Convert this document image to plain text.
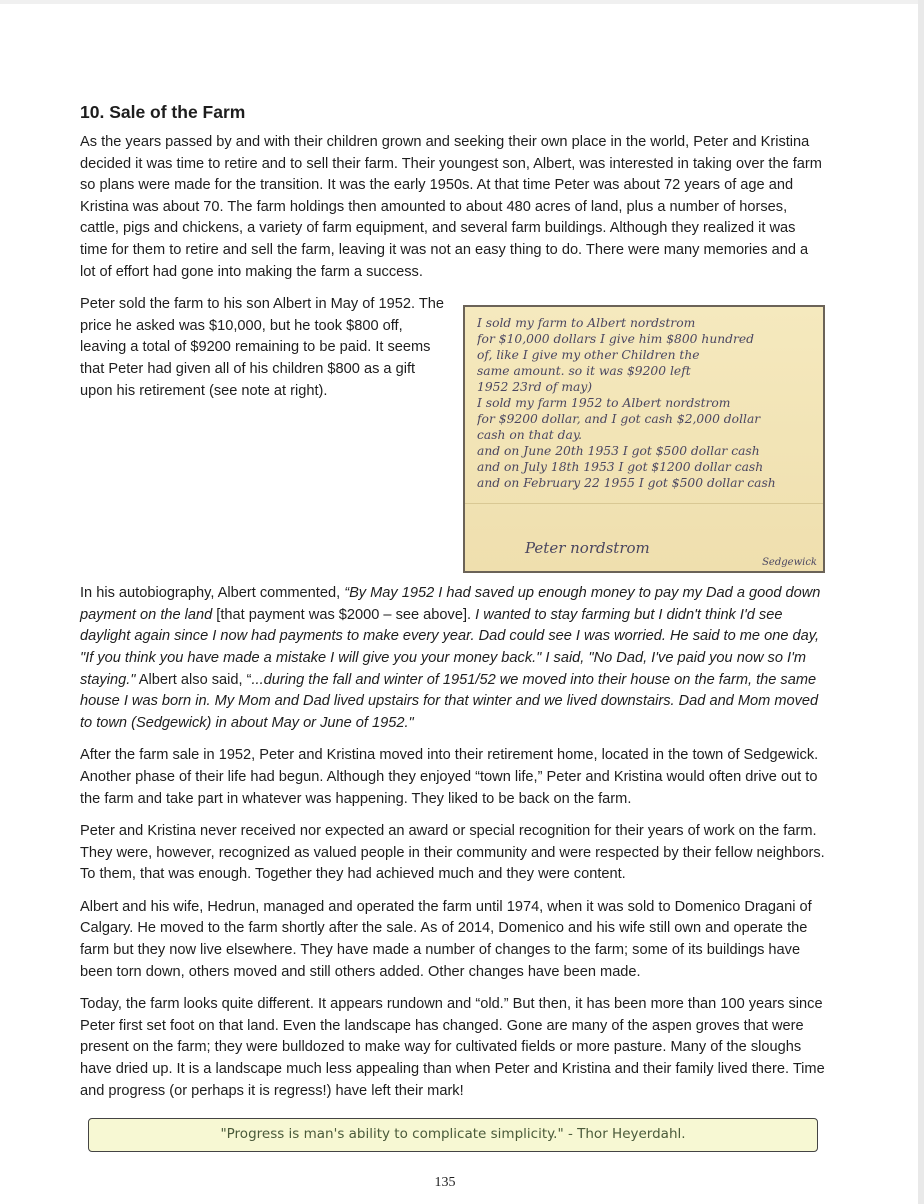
10. Sale of the Farm

As the years passed by and with their children grown and seeking their own place in the world, Peter and Kristina decided it was time to retire and to sell their farm. Their youngest son, Albert, was interested in taking over the farm so plans were made for the transition. It was the early 1950s. At that time Peter was about 72 years of age and Kristina was about 70. The farm holdings then amounted to about 480 acres of land, plus a number of horses, cattle, pigs and chickens, a variety of farm equipment, and several farm buildings. Although they realized it was time for them to retire and sell the farm, leaving it was not an easy thing to do. There were many memories and a lot of effort had gone into making the farm a success.

I sold my farm to Albert nordstrom
for $10,000 dollars I give him $800 hundred
of, like I give my other Children the
same amount. so it was $9200 left
1952 23rd of may)
I sold my farm 1952 to Albert nordstrom
for $9200 dollar, and I got cash $2,000 dollar
cash on that day.
and on June 20th 1953 I got $500 dollar cash
and on July 18th 1953 I got $1200 dollar cash
and on February 22 1955 I got $500 dollar cash
Peter nordstrom
Sedgewick

Peter sold the farm to his son Albert in May of 1952. The price he asked was $10,000, but he took $800 off, leaving a total of $9200 remaining to be paid. It seems that Peter had given all of his children $800 as a gift upon his retirement (see note at right).

In his autobiography, Albert commented, “By May 1952 I had saved up enough money to pay my Dad a good down payment on the land [that payment was $2000 – see above]. I wanted to stay farming but I didn't think I'd see daylight again since I now had payments to make every year. Dad could see I was worried. He said to me one day, "If you think you have made a mistake I will give you your money back." I said, "No Dad, I've paid you now so I'm staying." Albert also said, “...during the fall and winter of 1951/52 we moved into their house on the farm, the same house I was born in. My Mom and Dad lived upstairs for that winter and we lived downstairs. Dad and Mom moved to town (Sedgewick) in about May or June of 1952."

After the farm sale in 1952, Peter and Kristina moved into their retirement home, located in the town of Sedgewick. Another phase of their life had begun. Although they enjoyed “town life,” Peter and Kristina would often drive out to the farm and take part in whatever was happening. They liked to be back on the farm.

Peter and Kristina never received nor expected an award or special recognition for their years of work on the farm. They were, however, recognized as valued people in their community and were respected by their fellow neighbors. To them, that was enough. Together they had achieved much and they were content.

Albert and his wife, Hedrun, managed and operated the farm until 1974, when it was sold to Domenico Dragani of Calgary. He moved to the farm shortly after the sale. As of 2014, Domenico and his wife still own and operate the farm but they now live elsewhere. They have made a number of changes to the farm; some of its buildings have been torn down, others moved and still others added. Other changes have been made.

Today, the farm looks quite different. It appears rundown and “old.” But then, it has been more than 100 years since Peter first set foot on that land. Even the landscape has changed. Gone are many of the aspen groves that were present on the farm; they were bulldozed to make way for cultivated fields or more pasture. Many of the sloughs have dried up. It is a landscape much less appealing than when Peter and Kristina and their family lived there. Time and progress (or perhaps it is regress!) have left their mark!

"Progress is man's ability to complicate simplicity." - Thor Heyerdahl.
135
